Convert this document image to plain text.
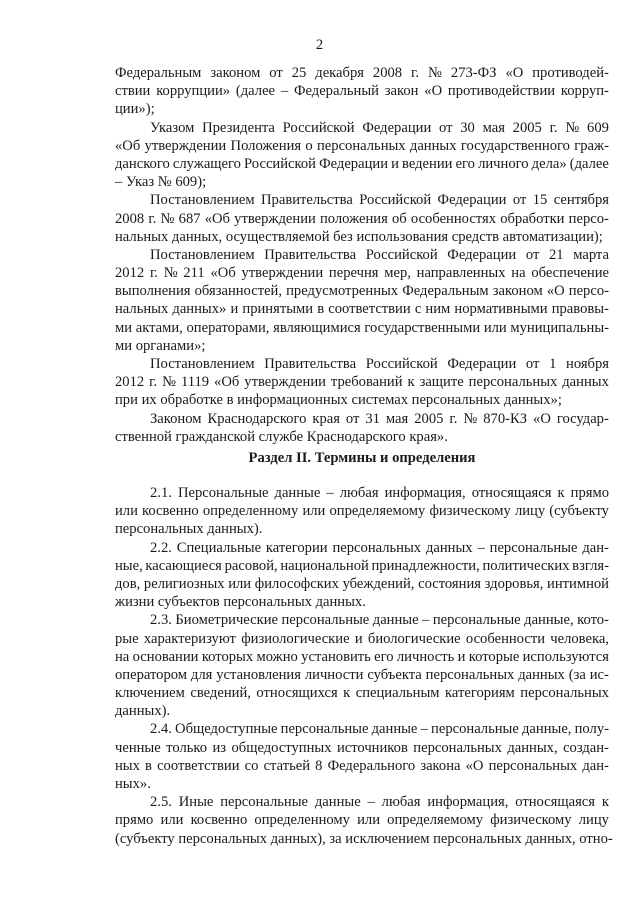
2
Раздел II. Термины и определения
Федеральным законом от 25 декабря 2008 г. № 273-ФЗ «О противодей-
ствии коррупции» (далее – Федеральный закон «О противодействии корруп-
ции»);
Указом Президента Российской Федерации от 30 мая 2005 г. № 609
«Об утверждении Положения о персональных данных государственного граж-
данского служащего Российской Федерации и ведении его личного дела» (далее
– Указ № 609);
Постановлением Правительства Российской Федерации от 15 сентября
2008 г. № 687 «Об утверждении положения об особенностях обработки персо-
нальных данных, осуществляемой без использования средств автоматизации);
Постановлением Правительства Российской Федерации от 21 марта
2012 г. № 211 «Об утверждении перечня мер, направленных на обеспечение
выполнения обязанностей, предусмотренных Федеральным законом «О персо-
нальных данных» и принятыми в соответствии с ним нормативными правовы-
ми актами, операторами, являющимися государственными или муниципальны-
ми органами»;
Постановлением Правительства Российской Федерации от 1 ноября
2012 г. № 1119 «Об утверждении требований к защите персональных данных
при их обработке в информационных системах персональных данных»;
Законом Краснодарского края от 31 мая 2005 г. № 870-КЗ «О государ-
ственной гражданской службе Краснодарского края».
2.1. Персональные данные – любая информация, относящаяся к прямо
или косвенно определенному или определяемому физическому лицу (субъекту
персональных данных).
2.2. Специальные категории персональных данных – персональные дан-
ные, касающиеся расовой, национальной принадлежности, политических взгля-
дов, религиозных или философских убеждений, состояния здоровья, интимной
жизни субъектов персональных данных.
2.3. Биометрические персональные данные – персональные данные, кото-
рые характеризуют физиологические и биологические особенности человека,
на основании которых можно установить его личность и которые используются
оператором для установления личности субъекта персональных данных (за ис-
ключением сведений, относящихся к специальным категориям персональных
данных).
2.4. Общедоступные персональные данные – персональные данные, полу-
ченные только из общедоступных источников персональных данных, создан-
ных в соответствии со статьей 8 Федерального закона «О персональных дан-
ных».
2.5. Иные персональные данные – любая информация, относящаяся к
прямо или косвенно определенному или определяемому физическому лицу
(субъекту персональных данных), за исключением персональных данных, отно-
